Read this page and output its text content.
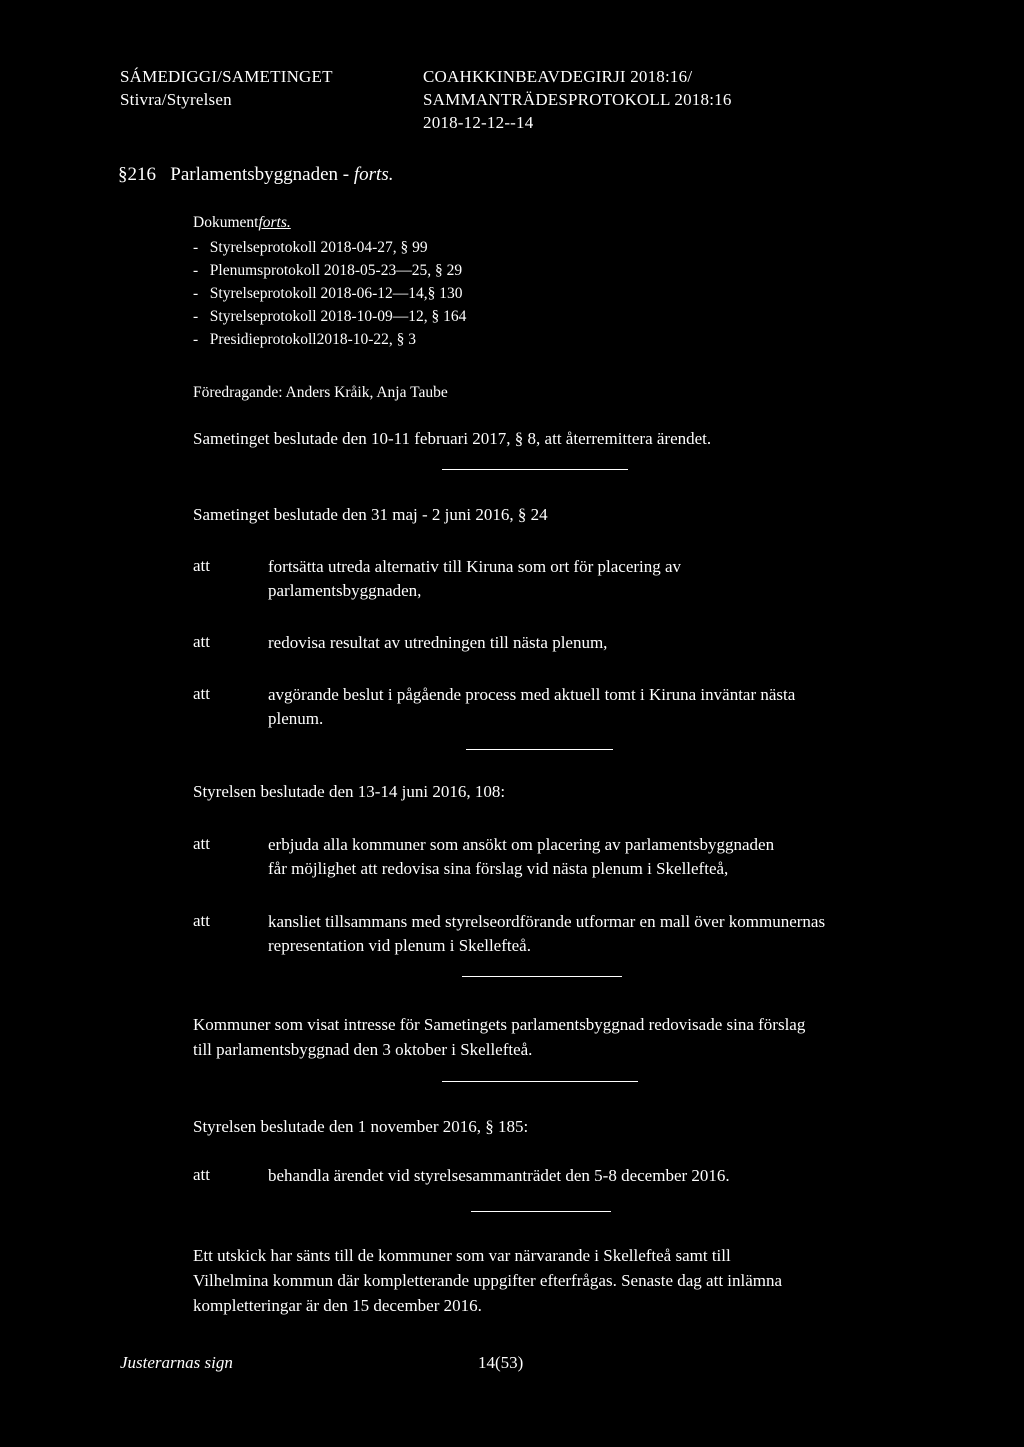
SÁMEDIGGI/SAMETINGET
Stivra/Styrelsen
COAHKKINBEAVDEGIRJI 2018:16/
SAMMANTRÄDESPROTOKOLL 2018:16
2018-12-12--14
§216 Parlamentsbyggnaden - forts.
Dokumentforts.
-   Styrelseprotokoll 2018-04-27, § 99
-   Plenumsprotokoll 2018-05-23—25, § 29
-   Styrelseprotokoll 2018-06-12—14,§ 130
-   Styrelseprotokoll 2018-10-09—12, § 164
-   Presidieprotokoll2018-10-22, § 3
Föredragande: Anders Kråik, Anja Taube
Sametinget beslutade den 10-11 februari 2017, § 8, att återremittera ärendet.
Sametinget beslutade den 31 maj - 2 juni 2016, § 24
att	fortsätta utreda alternativ till Kiruna som ort för placering av
parlamentsbyggnaden,
att	redovisa resultat av utredningen till nästa plenum,
att	avgörande beslut i pågående process med aktuell tomt i Kiruna inväntar nästa
plenum.
Styrelsen beslutade den 13-14 juni 2016, 108:
att	erbjuda alla kommuner som ansökt om placering av parlamentsbyggnaden
får möjlighet att redovisa sina förslag vid nästa plenum i Skellefteå,
att	kansliet tillsammans med styrelseordförande utformar en mall över kommunernas
representation vid plenum i Skellefteå.
Kommuner som visat intresse för Sametingets parlamentsbyggnad redovisade sina förslag
till parlamentsbyggnad den 3 oktober i Skellefteå.
Styrelsen beslutade den 1 november 2016, § 185:
att	behandla ärendet vid styrelsesammanträdet den 5-8 december 2016.
Ett utskick har sänts till de kommuner som var närvarande i Skellefteå samt till
Vilhelmina kommun där kompletterande uppgifter efterfrågas. Senaste dag att inlämna
kompletteringar är den 15 december 2016.
Justerarnas sign	14(53)
